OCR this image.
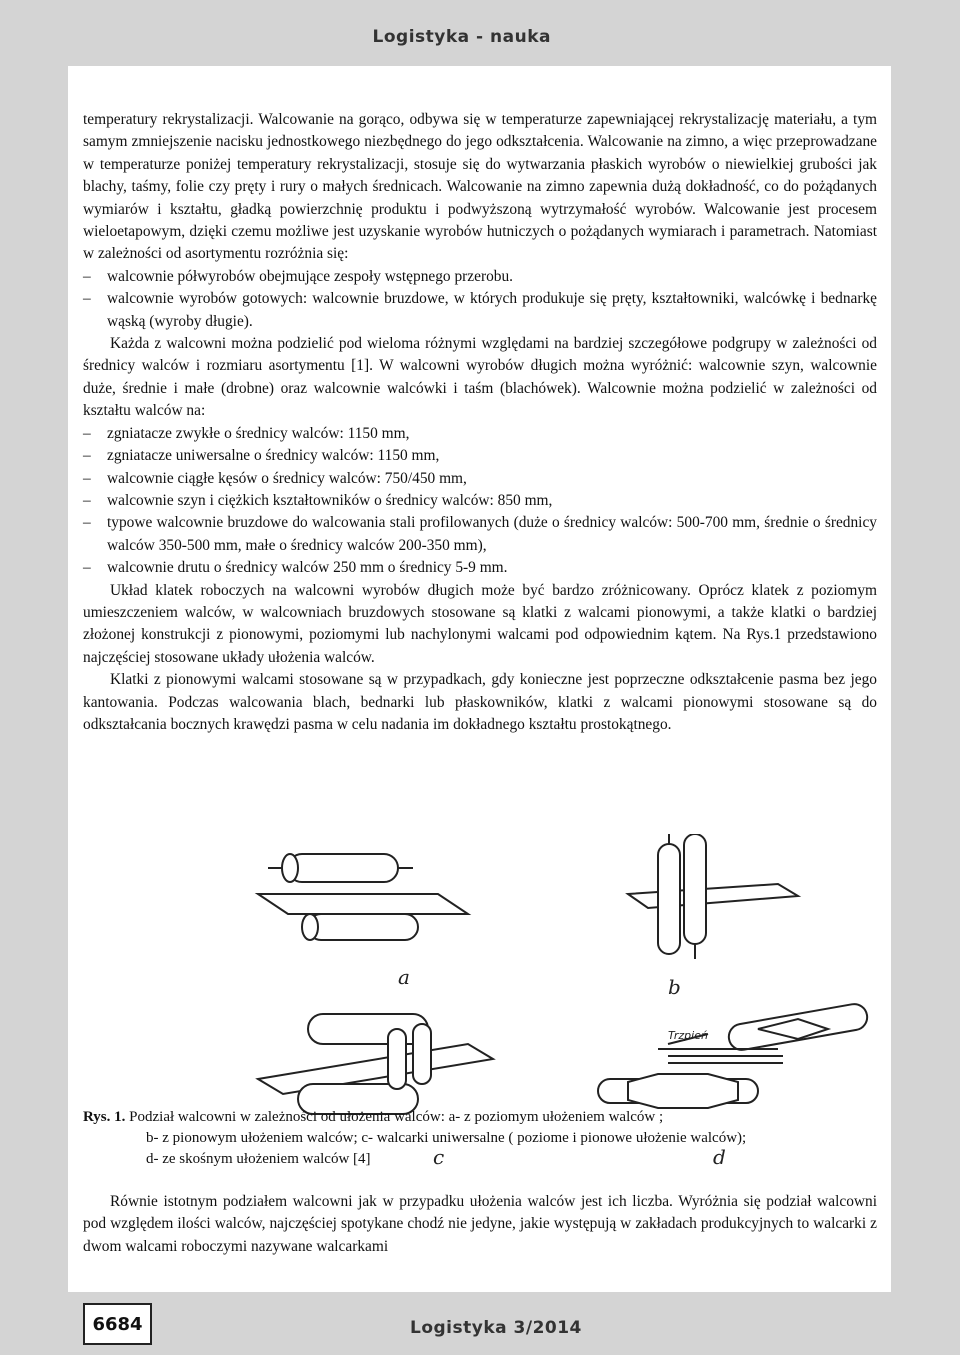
Logistyka - nauka

temperatury rekrystalizacji. Walcowanie na gorąco, odbywa się w temperaturze zapewniającej rekrystalizację materiału, a tym samym zmniejszenie nacisku jednostkowego niezbędnego do jego odkształcenia. Walcowanie na zimno, a więc przeprowadzane w temperaturze poniżej temperatury rekrystalizacji, stosuje się do wytwarzania płaskich wyrobów o niewielkiej grubości jak blachy, taśmy, folie czy pręty i rury o małych średnicach. Walcowanie na zimno zapewnia dużą dokładność, co do pożądanych wymiarów i kształtu, gładką powierzchnię produktu i podwyższoną wytrzymałość wyrobów. Walcowanie jest procesem wieloetapowym, dzięki czemu możliwe jest uzyskanie wyrobów hutniczych o pożądanych wymiarach i parametrach. Natomiast w zależności od asortymentu rozróżnia się:

– walcownie półwyrobów obejmujące zespoły wstępnego przerobu.
– walcownie wyrobów gotowych: walcownie bruzdowe, w których produkuje się pręty, kształtowniki, walcówkę i bednarkę wąską (wyroby długie).

Każda z walcowni można podzielić pod wieloma różnymi względami na bardziej szczegółowe podgrupy w zależności od średnicy walców i rozmiaru asortymentu [1]. W walcowni wyrobów długich można wyróżnić: walcownie szyn, walcownie duże, średnie i małe (drobne) oraz walcownie walcówki i taśm (blachówek). Walcownie można podzielić w zależności od kształtu walców na:

– zgniatacze zwykłe o średnicy walców: 1150 mm,
– zgniatacze uniwersalne o średnicy walców: 1150 mm,
– walcownie ciągłe kęsów o średnicy walców: 750/450 mm,
– walcownie szyn i ciężkich kształtowników o średnicy walców: 850 mm,
– typowe walcownie bruzdowe do walcowania stali profilowanych (duże o średnicy walców: 500-700 mm, średnie o średnicy walców 350-500 mm, małe o średnicy walców 200-350 mm),
– walcownie drutu o średnicy walców 250 mm o średnicy 5-9 mm.

Układ klatek roboczych na walcowni wyrobów długich może być bardzo zróżnicowany. Oprócz klatek z poziomym umieszczeniem walców, w walcowniach bruzdowych stosowane są klatki z walcami pionowymi, a także klatki o bardziej złożonej konstrukcji z pionowymi, poziomymi lub nachylonymi walcami pod odpowiednim kątem. Na Rys.1 przedstawiono najczęściej stosowane układy ułożenia walców.

Klatki z pionowymi walcami stosowane są w przypadkach, gdy konieczne jest poprzeczne odkształcenie pasma bez jego kantowania. Podczas walcowania blach, bednarki lub płaskowników, klatki z walcami pionowymi stosowane są do odkształcania bocznych krawędzi pasma w celu nadania im dokładnego kształtu prostokątnego.

a	b
c	d
Trzpień
Rys. 1. Podział walcowni w zależności od ułożenia walców: a- z poziomym ułożeniem walców ;
b- z pionowym ułożeniem walców; c- walcarki uniwersalne ( poziome i pionowe ułożenie walców);
d- ze skośnym ułożeniem walców [4]

Równie istotnym podziałem walcowni jak w przypadku ułożenia walców jest ich liczba. Wyróżnia się podział walcowni pod względem ilości walców, najczęściej spotykane chodź nie jedyne, jakie występują w zakładach produkcyjnych to walcarki z dwom walcami roboczymi nazywane walcarkami

6684	Logistyka 3/2014
